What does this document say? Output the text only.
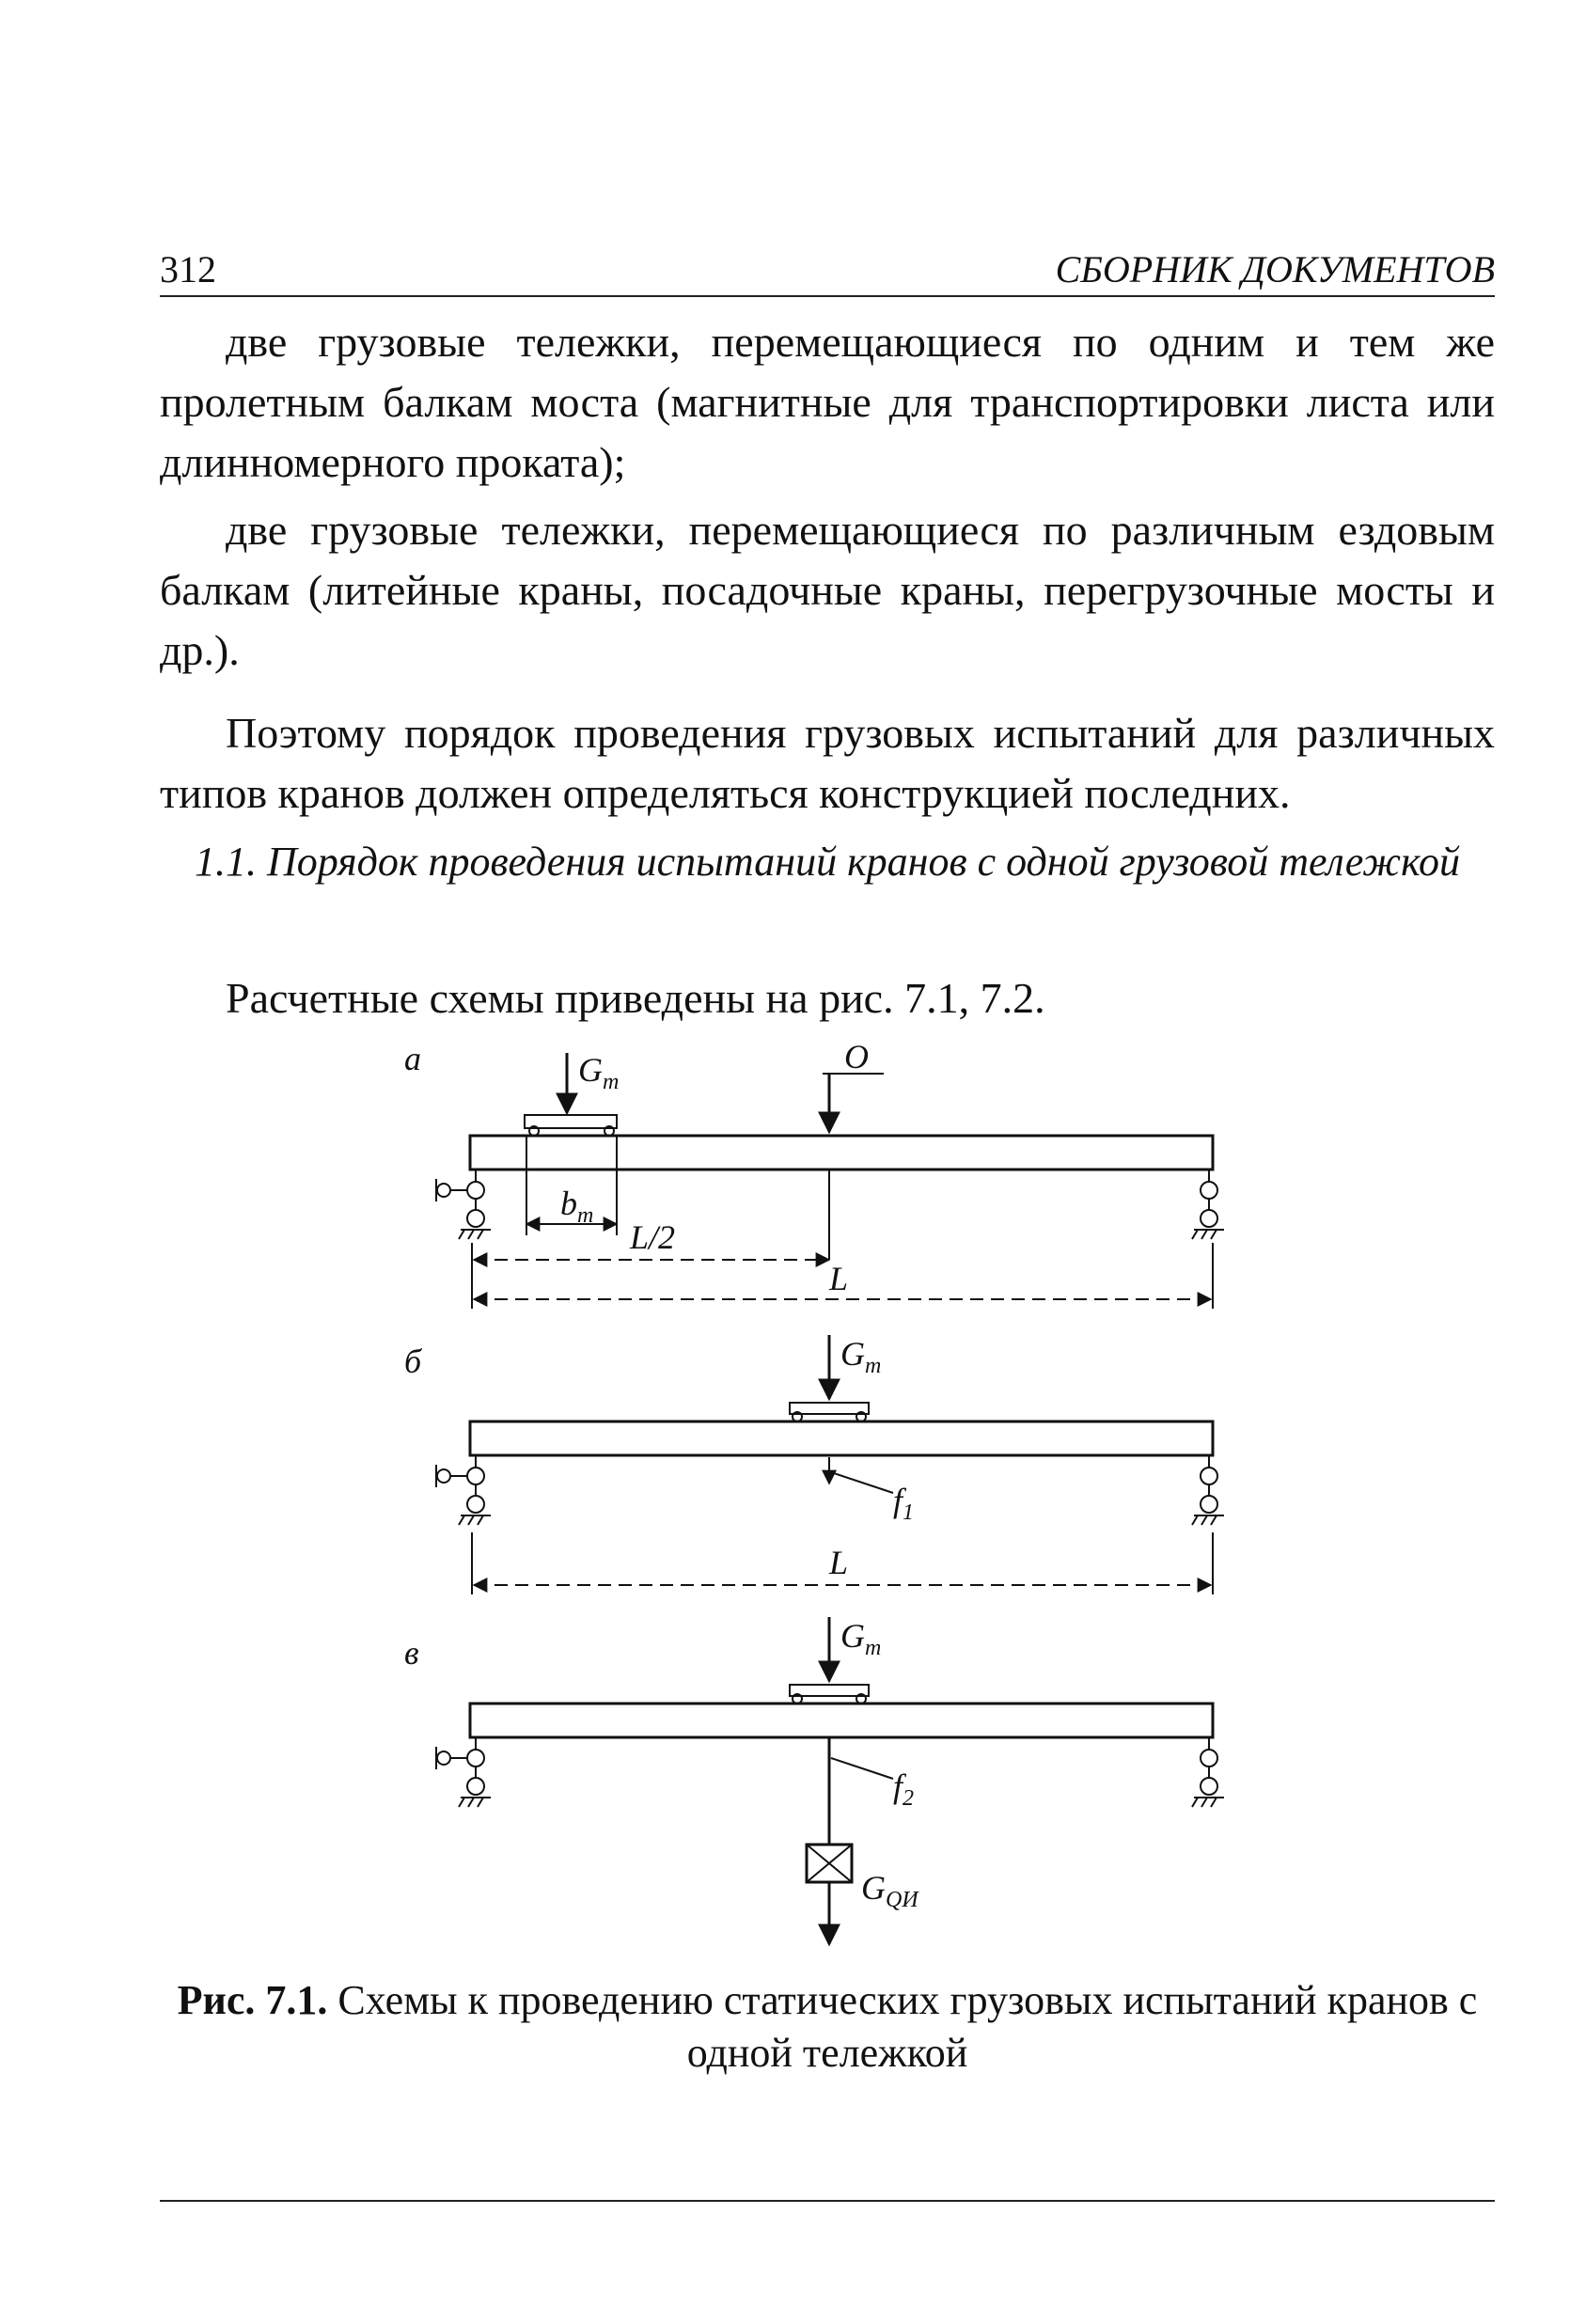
312	СБОРНИК ДОКУМЕНТОВ

две грузовые тележки, перемещающиеся по одним и тем же пролетным балкам моста (магнитные для транспортировки листа или длинномерного проката);

две грузовые тележки, перемещающиеся по различным ездовым балкам (литейные краны, посадочные краны, перегрузочные мосты и др.).

Поэтому порядок проведения грузовых испытаний для различных типов кранов должен определяться конструкцией последних.

1.1. Порядок проведения испытаний кранов с одной грузовой тележкой
Расчетные схемы приведены на рис. 7.1, 7.2.
а	$G_т$
O
$b_т$
L/2
L
б	$G_т$
$f_1$
L
в	$G_т$
$f_2$
$G_{QИ}$
Рис. 7.1. Схемы к проведению статических грузовых испытаний кранов с одной тележкой
